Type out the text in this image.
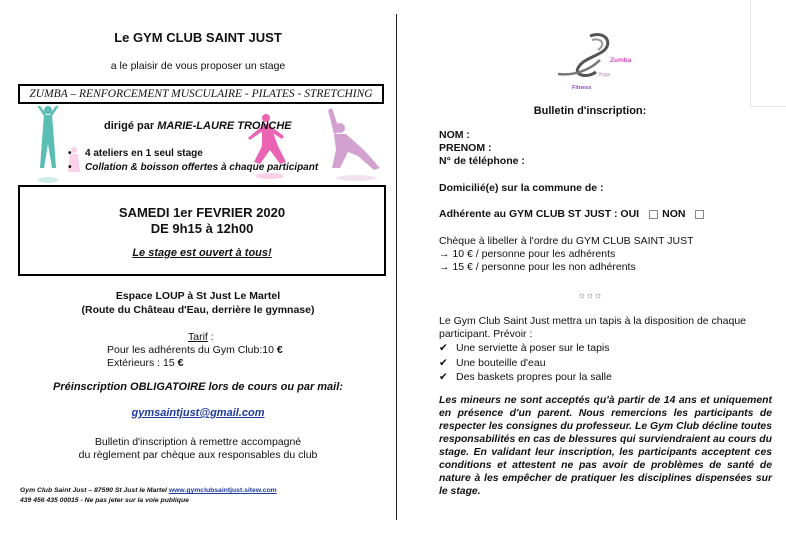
Le GYM CLUB SAINT JUST
a le plaisir de vous proposer un stage
ZUMBA – RENFORCEMENT MUSCULAIRE - PILATES - STRETCHING
dirigé par MARIE-LAURE TRONCHE
• 4 ateliers en 1 seul stage
• Collation & boisson offertes à chaque participant
SAMEDI 1er FEVRIER 2020
DE 9h15 à 12h00
Le stage est ouvert à tous!
Espace LOUP à St Just Le Martel
(Route du Château d'Eau, derrière le gymnase)
Tarif :
Pour les adhérents du Gym Club:10 €
Extérieurs : 15 €
Préinscription OBLIGATOIRE lors de cours ou par mail:
gymsaintjust@gmail.com
Bulletin d'inscription à remettre accompagné
du règlement par chèque aux responsables du club
Gym Club Saint Just – 87590 St Just le Martel www.gymclubsaintjust.sitew.com
439 456 435 00015 - Ne pas jeter sur la voie publique
Zumba
Yoga
Fitness
Bulletin d'inscription:
NOM :
PRENOM :
N° de téléphone :
Domicilié(e) sur la commune de :
Adhérente au GYM CLUB ST JUST : OUI NON
Chèque à libeller à l'ordre du GYM CLUB SAINT JUST
→ 10 € / personne pour les adhérents
→ 15 € / personne pour les non adhérents
☼☼☼
Le Gym Club Saint Just mettra un tapis à la disposition de chaque
participant. Prévoir :
✔ Une serviette à poser sur le tapis
✔ Une bouteille d'eau
✔ Des baskets propres pour la salle
Les mineurs ne sont acceptés qu'à partir de 14 ans et uniquement en présence d'un parent. Nous remercions les participants de respecter les consignes du professeur. Le Gym Club décline toutes responsabilités en cas de blessures qui surviendraient au cours du stage. En validant leur inscription, les participants acceptent ces conditions et attestent ne pas avoir de problèmes de santé de nature à les empêcher de pratiquer les disciplines dispensées sur le stage.
